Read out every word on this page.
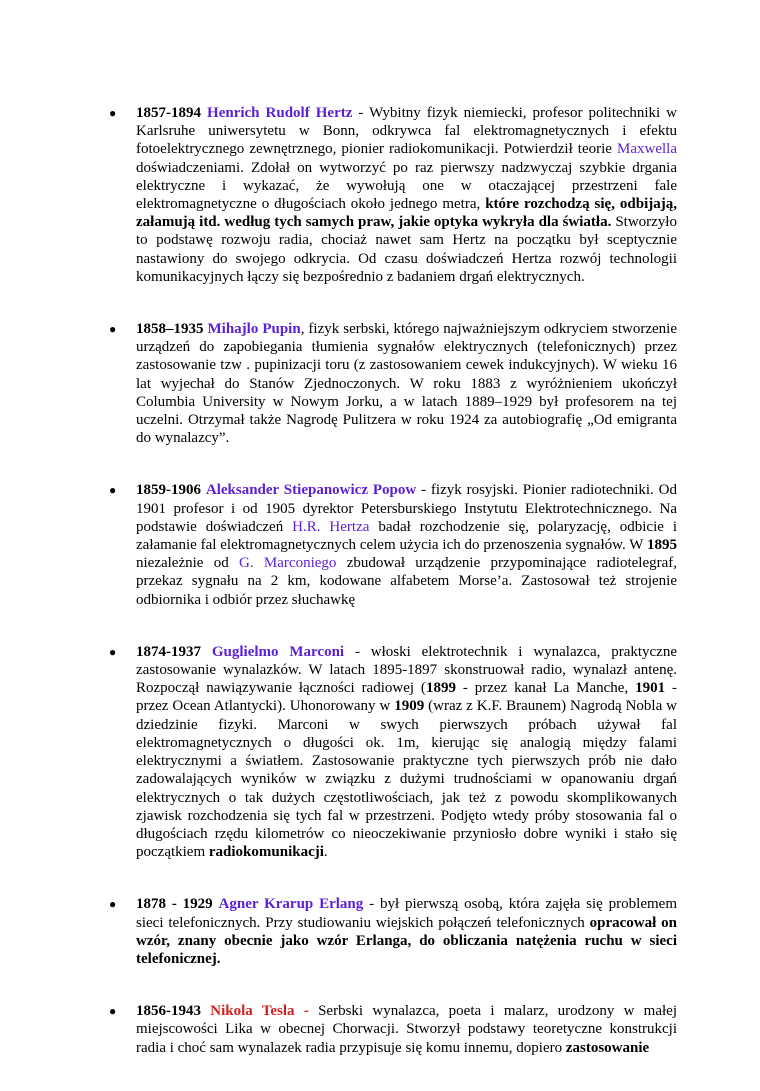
● 1857-1894 Henrich Rudolf Hertz - Wybitny fizyk niemiecki, profesor politechniki w Karlsruhe uniwersytetu w Bonn, odkrywca fal elektromagnetycznych i efektu fotoelektrycznego zewnętrznego, pionier radiokomunikacji. Potwierdził teorie Maxwella doświadczeniami. Zdołał on wytworzyć po raz pierwszy nadzwyczaj szybkie drgania elektryczne i wykazać, że wywołują one w otaczającej przestrzeni fale elektromagnetyczne o długościach około jednego metra, które rozchodzą się, odbijają, załamują itd. według tych samych praw, jakie optyka wykryła dla światła. Stworzyło to podstawę rozwoju radia, chociaż nawet sam Hertz na początku był sceptycznie nastawiony do swojego odkrycia. Od czasu doświadczeń Hertza rozwój technologii komunikacyjnych łączy się bezpośrednio z badaniem drgań elektrycznych.
● 1858–1935 Mihajlo Pupin, fizyk serbski, którego najważniejszym odkryciem stworzenie urządzeń do zapobiegania tłumienia sygnałów elektrycznych (telefonicznych) przez zastosowanie tzw . pupinizacji toru (z zastosowaniem cewek indukcyjnych). W wieku 16 lat wyjechał do Stanów Zjednoczonych. W roku 1883 z wyróżnieniem ukończył Columbia University w Nowym Jorku, a w latach 1889–1929 był profesorem na tej uczelni. Otrzymał także Nagrodę Pulitzera w roku 1924 za autobiografię „Od emigranta do wynalazcy”.
● 1859-1906 Aleksander Stiepanowicz Popow - fizyk rosyjski. Pionier radiotechniki. Od 1901 profesor i od 1905 dyrektor Petersburskiego Instytutu Elektrotechnicznego. Na podstawie doświadczeń H.R. Hertza badał rozchodzenie się, polaryzację, odbicie i załamanie fal elektromagnetycznych celem użycia ich do przenoszenia sygnałów. W 1895 niezależnie od G. Marconiego zbudował urządzenie przypominające radiotelegraf, przekaz sygnału na 2 km, kodowane alfabetem Morse’a. Zastosował też strojenie odbiornika i odbiór przez słuchawkę
● 1874-1937 Guglielmo Marconi - włoski elektrotechnik i wynalazca, praktyczne zastosowanie wynalazków. W latach 1895-1897 skonstruował radio, wynalazł antenę. Rozpoczął nawiązywanie łączności radiowej (1899 - przez kanał La Manche, 1901 - przez Ocean Atlantycki). Uhonorowany w 1909 (wraz z K.F. Braunem) Nagrodą Nobla w dziedzinie fizyki. Marconi w swych pierwszych próbach używał fal elektromagnetycznych o długości ok. 1m, kierując się analogią między falami elektrycznymi a światłem. Zastosowanie praktyczne tych pierwszych prób nie dało zadowalających wyników w związku z dużymi trudnościami w opanowaniu drgań elektrycznych o tak dużych częstotliwościach, jak też z powodu skomplikowanych zjawisk rozchodzenia się tych fal w przestrzeni. Podjęto wtedy próby stosowania fal o długościach rzędu kilometrów co nieoczekiwanie przyniosło dobre wyniki i stało się początkiem radiokomunikacji.
● 1878 - 1929 Agner Krarup Erlang - był pierwszą osobą, która zajęła się problemem sieci telefonicznych. Przy studiowaniu wiejskich połączeń telefonicznych opracował on wzór, znany obecnie jako wzór Erlanga, do obliczania natężenia ruchu w sieci telefonicznej.
● 1856-1943 Nikola Tesla - Serbski wynalazca, poeta i malarz, urodzony w małej miejscowości Lika w obecnej Chorwacji. Stworzył podstawy teoretyczne konstrukcji radia i choć sam wynalazek radia przypisuje się komu innemu, dopiero zastosowanie
